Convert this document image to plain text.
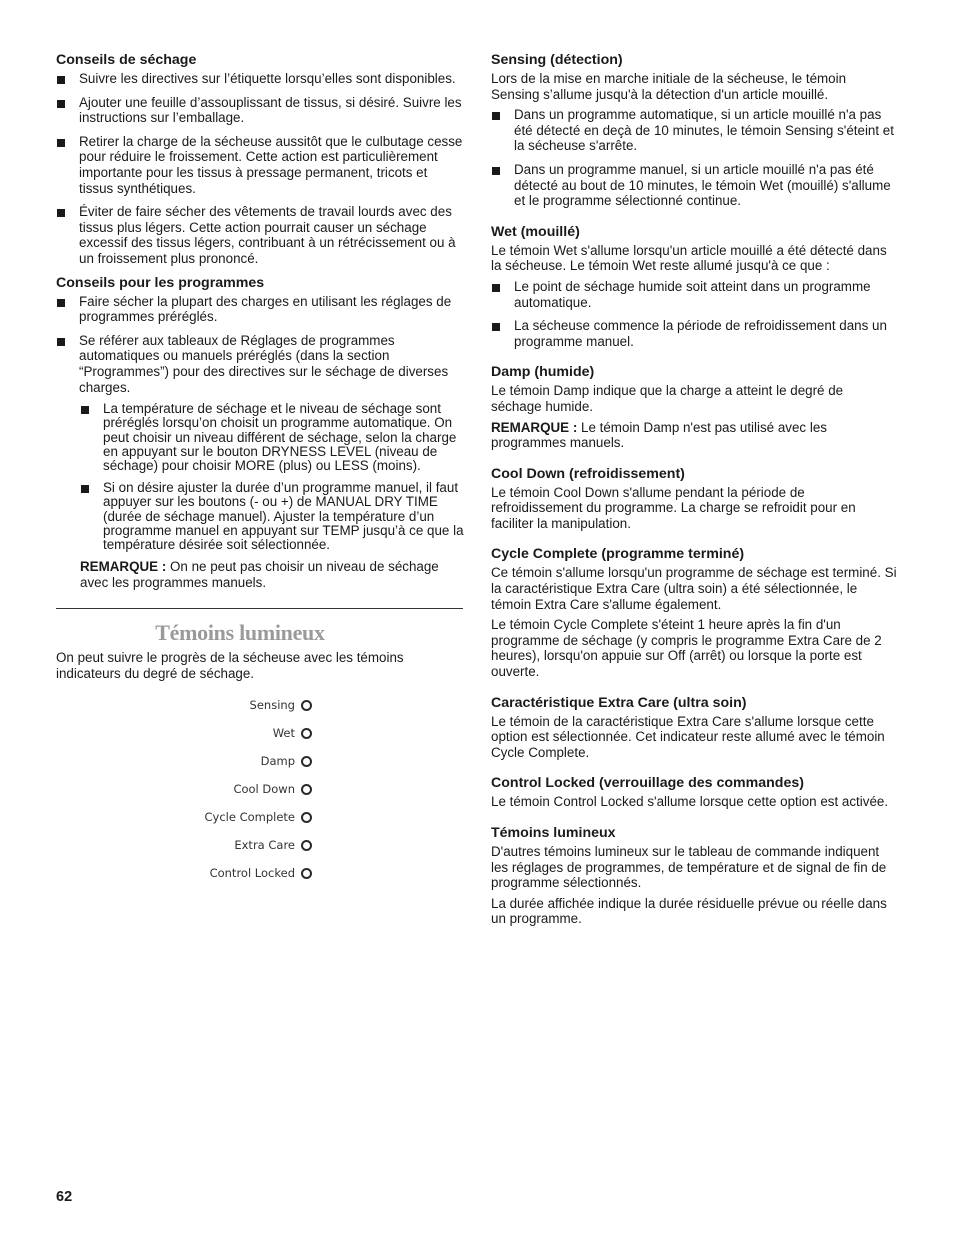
Conseils de séchage
Suivre les directives sur l’étiquette lorsqu’elles sont disponibles.
Ajouter une feuille d’assouplissant de tissus, si désiré. Suivre les instructions sur l’emballage.
Retirer la charge de la sécheuse aussitôt que le culbutage cesse pour réduire le froissement. Cette action est particulièrement importante pour les tissus à pressage permanent, tricots et tissus synthétiques.
Éviter de faire sécher des vêtements de travail lourds avec des tissus plus légers. Cette action pourrait causer un séchage excessif des tissus légers, contribuant à un rétrécissement ou à un froissement plus prononcé.
Conseils pour les programmes
Faire sécher la plupart des charges en utilisant les réglages de programmes préréglés.
Se référer aux tableaux de Réglages de programmes automatiques ou manuels préréglés (dans la section “Programmes”) pour des directives sur le séchage de diverses charges.
La température de séchage et le niveau de séchage sont préréglés lorsqu’on choisit un programme automatique. On peut choisir un niveau différent de séchage, selon la charge en appuyant sur le bouton DRYNESS LEVEL (niveau de séchage) pour choisir MORE (plus) ou LESS (moins).
Si on désire ajuster la durée d’un programme manuel, il faut appuyer sur les boutons (- ou +) de MANUAL DRY TIME (durée de séchage manuel). Ajuster la température d’un programme manuel en appuyant sur TEMP jusqu’à ce que la température désirée soit sélectionnée.

REMARQUE : On ne peut pas choisir un niveau de séchage avec les programmes manuels.

Témoins lumineux

On peut suivre le progrès de la sécheuse avec les témoins indicateurs du degré de séchage.

Sensing
Wet
Damp
Cool Down
Cycle Complete
Extra Care
Control Locked
Sensing (détection)

Lors de la mise en marche initiale de la sécheuse, le témoin Sensing s’allume jusqu'à la détection d'un article mouillé.

Dans un programme automatique, si un article mouillé n'a pas été détecté en deçà de 10 minutes, le témoin Sensing s'éteint et la sécheuse s'arrête.
Dans un programme manuel, si un article mouillé n'a pas été détecté au bout de 10 minutes, le témoin Wet (mouillé) s'allume et le programme sélectionné continue.
Wet (mouillé)

Le témoin Wet s'allume lorsqu'un article mouillé a été détecté dans la sécheuse. Le témoin Wet reste allumé jusqu'à ce que :

Le point de séchage humide soit atteint dans un programme automatique.
La sécheuse commence la période de refroidissement dans un programme manuel.
Damp (humide)

Le témoin Damp indique que la charge a atteint le degré de séchage humide.

REMARQUE : Le témoin Damp n'est pas utilisé avec les programmes manuels.

Cool Down (refroidissement)

Le témoin Cool Down s'allume pendant la période de refroidissement du programme. La charge se refroidit pour en faciliter la manipulation.

Cycle Complete (programme terminé)

Ce témoin s'allume lorsqu'un programme de séchage est terminé. Si la caractéristique Extra Care (ultra soin) a été sélectionnée, le témoin Extra Care s'allume également.

Le témoin Cycle Complete s'éteint 1 heure après la fin d'un programme de séchage (y compris le programme Extra Care de 2 heures), lorsqu'on appuie sur Off (arrêt) ou lorsque la porte est ouverte.

Caractéristique Extra Care (ultra soin)

Le témoin de la caractéristique Extra Care s'allume lorsque cette option est sélectionnée. Cet indicateur reste allumé avec le témoin Cycle Complete.

Control Locked (verrouillage des commandes)

Le témoin Control Locked s'allume lorsque cette option est activée.

Témoins lumineux

D'autres témoins lumineux sur le tableau de commande indiquent les réglages de programmes, de température et de signal de fin de programme sélectionnés.

La durée affichée indique la durée résiduelle prévue ou réelle dans un programme.

62
